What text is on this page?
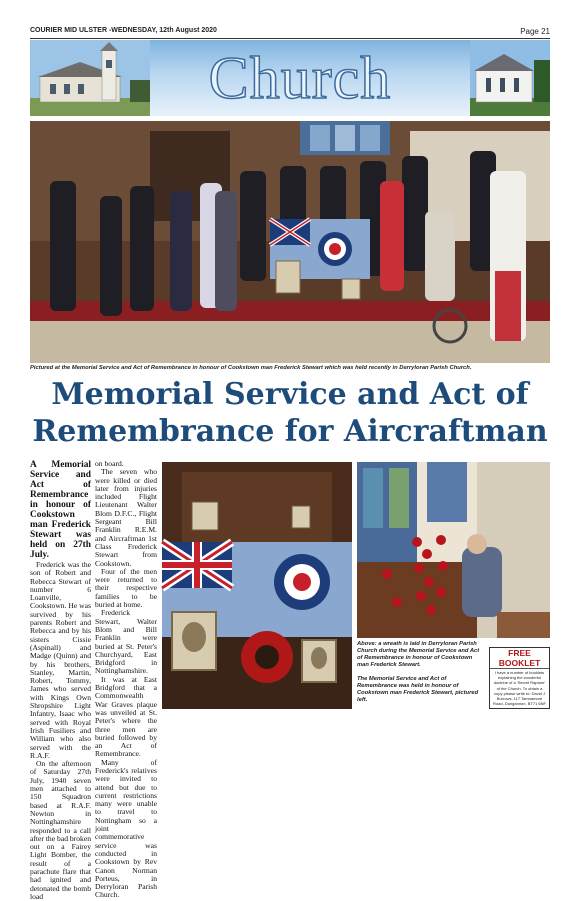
COURIER MID ULSTER -WEDNESDAY, 12th August 2020	Page 21
Church
Pictured at the Memorial Service and Act of Remembrance in honour of Cookstown man Frederick Stewart which was held recently in Derryloran Parish Church.
Memorial Service and Act of
Remembrance for Aircraftman

A Memorial Service and Act of Remembrance in honour of Cookstown man Frederick Stewart was held on 27th July.

Frederick was the son of Robert and Rebecca Stewart of number 6 Loanville, Cookstown. He was survived by his parents Robert and Rebecca and by his sisters Cissie (Aspinall) and Madge (Quinn) and by his brothers, Stanley, Martin, Robert, Tommy, James who served with Kings Own Shropshire Light Infantry, Isaac who served with Royal Irish Fusiliers and William who also served with the R.A.F.

On the afternoon of Saturday 27th July, 1940 seven men attached to 150 Squadron based at R.A.F. Newton in Nottinghamshire responded to a call after the bad broken out on a Fairey Light Bomber, the result of a parachute flare that had ignited and detonated the bomb load

on board.

The seven who were killed or died later from injuries included Flight Lieutenant Walter Blom D.F.C., Flight Sergeant Bill Franklin R.E.M. and Aircraftman 1st Class Frederick Stewart from Cookstown.

Four of the men were returned to their respective families to be buried at home.

Frederick Stewart, Walter Blom and Bill Franklin were buried at St. Peter's Churchyard, East Bridgford in Nottinghamshire.

It was at East Bridgford that a Commonwealth War Graves plaque was unveiled at St. Peter's where the three men are buried followed by an Act of Remembrance.

Many of Frederick's relatives were invited to attend but due to current restrictions many were unable to travel to Nottingham so a joint commemorative service was conducted in Cookstown by Rev Canon Norman Porteus, in Derryloran Parish Church.

Above: a wreath is laid in Derryloran Parish Church during the Memorial Service and Act of Remembrance in honour of Cookstown man Frederick Stewart.
The Memorial Service and Act of Remembrance was held in honour of Cookstown man Frederick Stewart, pictured left.
FREE BOOKLET
I have a number of booklets explaining the wonderful doctrine of a 'Secret Rapture' of the Church. To obtain a copy please write to: David J Burrows, 117 Tamnamore Road, Dungannon, BT71 6NF
